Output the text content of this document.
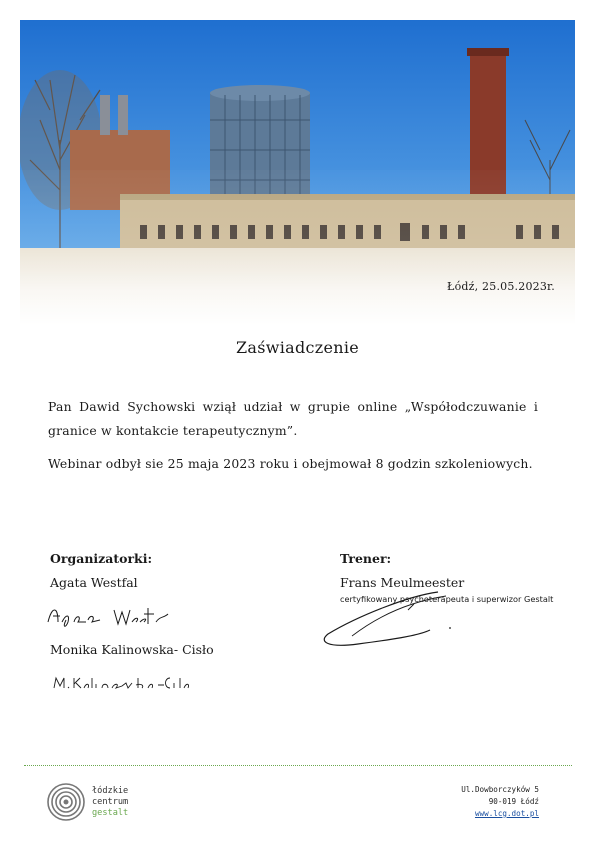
Łódź, 25.05.2023r.
Zaświadczenie
Pan Dawid Sychowski wziął udział w grupie online „Współodczuwanie i granice w kontakcie terapeutycznym”.
Webinar odbył sie 25 maja 2023 roku i obejmował 8 godzin szkoleniowych.
Organizatorki:
Agata Westfal
Monika Kalinowska- Cisło
Trener:
Frans Meulmeester
certyfikowany psychoterapeuta i superwizor Gestalt
łódzkie
centrum
gestalt
Ul.Dowborczyków 5
90-019 Łódź
www.lcg.dot.pl
